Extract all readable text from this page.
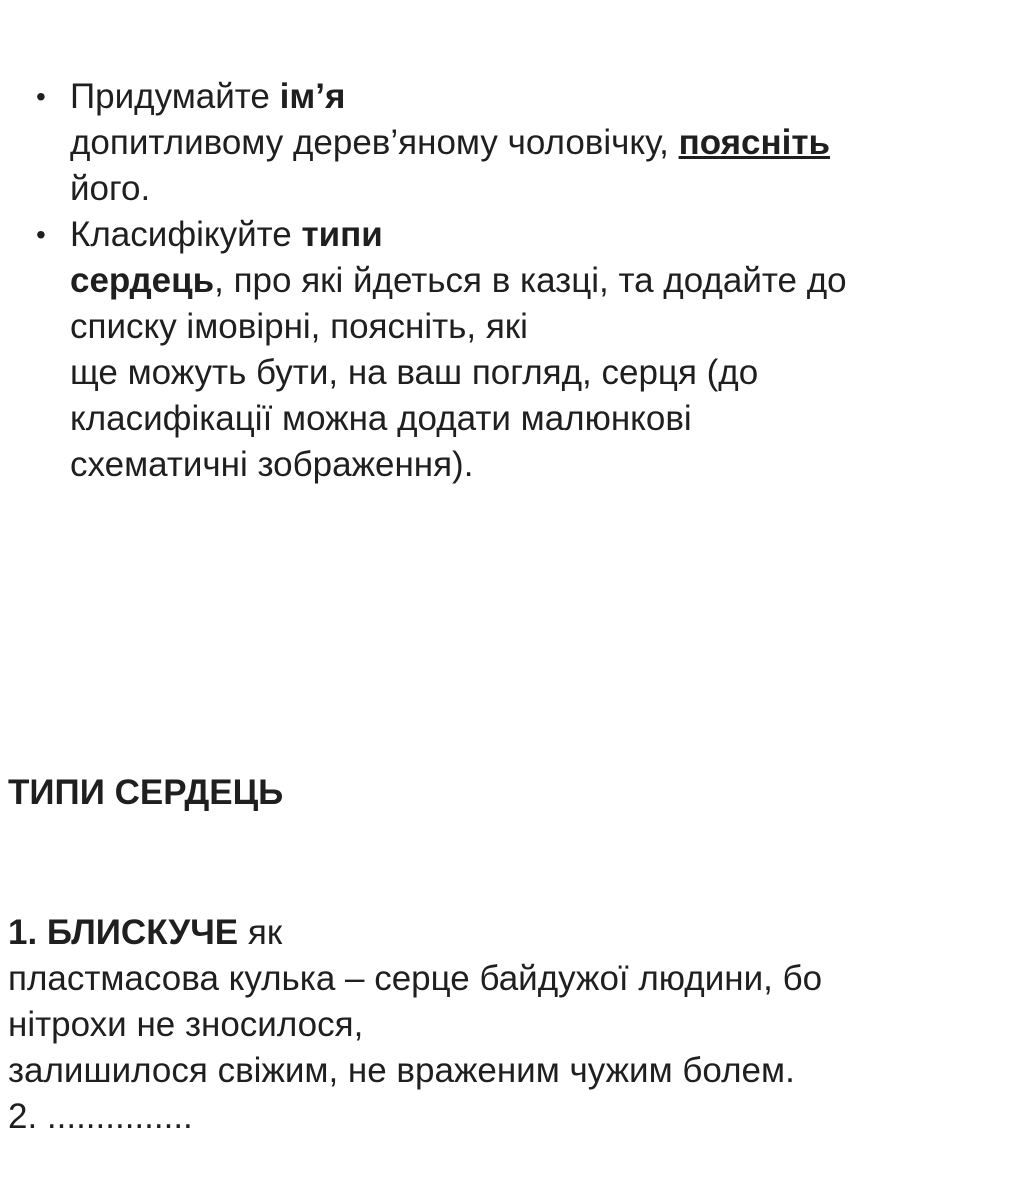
• Придумайте ім’я
допитливому дерев’яному чоловічку, поясніть
його.
• Класифікуйте типи
сердець, про які йдеться в казці, та додайте до
списку імовірні, поясніть, які
ще можуть бути, на ваш погляд, серця (до
класифікації можна додати малюнкові
схематичні зображення).
ТИПИ СЕРДЕЦЬ
1. БЛИСКУЧЕ як
пластмасова кулька – серце байдужої людини, бо
нітрохи не зносилося,
залишилося свіжим, не враженим чужим болем.
2. ...............
